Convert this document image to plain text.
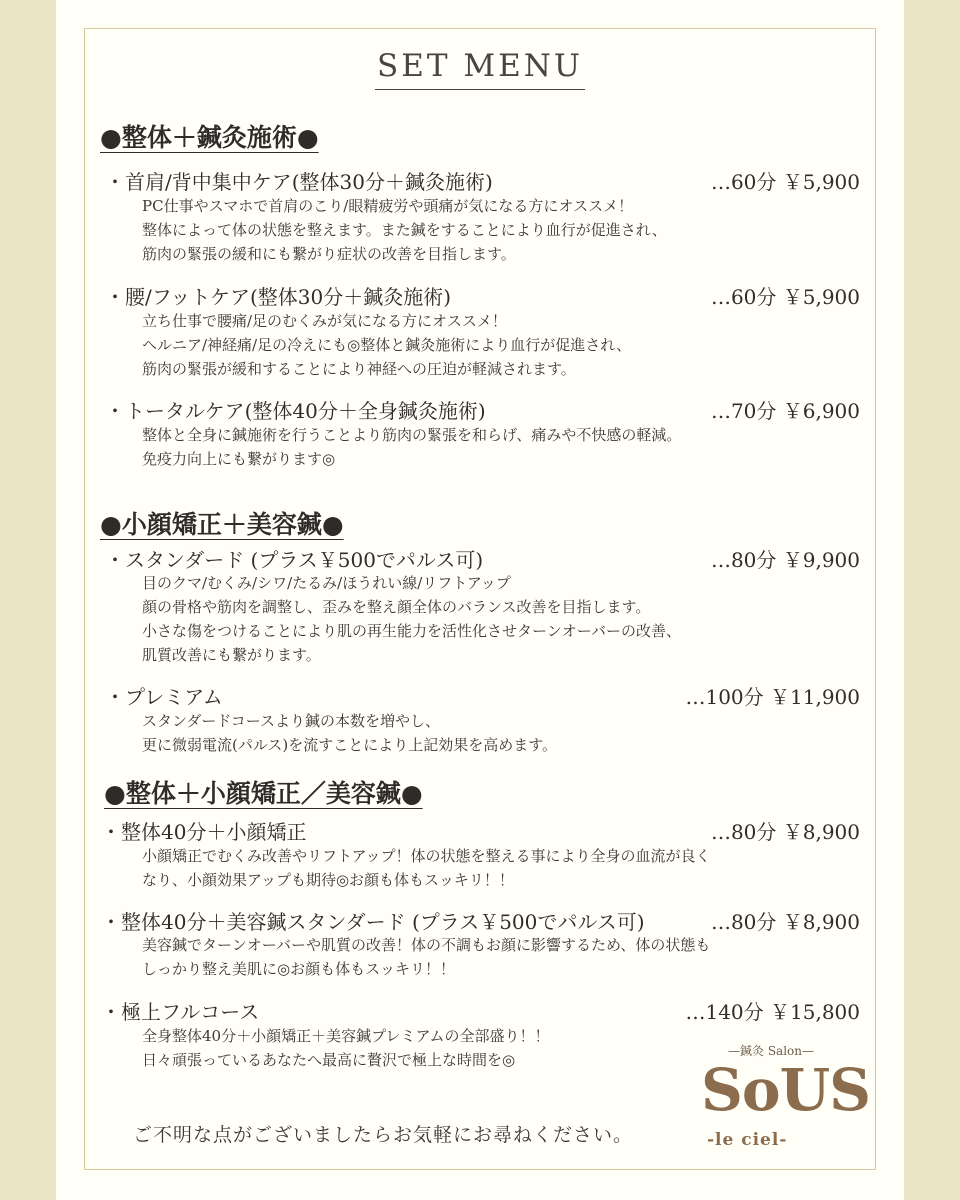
SET MENU
●整体＋鍼灸施術●
・首肩/背中集中ケア(整体30分＋鍼灸施術)	…60分 ￥5,900
PC仕事やスマホで首肩のこり/眼精疲労や頭痛が気になる方にオススメ！
整体によって体の状態を整えます。また鍼をすることにより血行が促進され、
筋肉の緊張の緩和にも繋がり症状の改善を目指します。
・腰/フットケア(整体30分＋鍼灸施術)	…60分 ￥5,900
立ち仕事で腰痛/足のむくみが気になる方にオススメ！
ヘルニア/神経痛/足の冷えにも◎整体と鍼灸施術により血行が促進され、
筋肉の緊張が緩和することにより神経への圧迫が軽減されます。
・トータルケア(整体40分＋全身鍼灸施術)	…70分 ￥6,900
整体と全身に鍼施術を行うことより筋肉の緊張を和らげ、痛みや不快感の軽減。
免疫力向上にも繋がります◎
●小顔矯正＋美容鍼●
・スタンダード (プラス￥500でパルス可)	…80分 ￥9,900
目のクマ/むくみ/シワ/たるみ/ほうれい線/リフトアップ
顔の骨格や筋肉を調整し、歪みを整え顔全体のバランス改善を目指します。
小さな傷をつけることにより肌の再生能力を活性化させターンオーバーの改善、
肌質改善にも繋がります。
・プレミアム	…100分 ￥11,900
スタンダードコースより鍼の本数を増やし、
更に微弱電流(パルス)を流すことにより上記効果を高めます。
●整体＋小顔矯正／美容鍼●
・整体40分＋小顔矯正	…80分 ￥8,900
小顔矯正でむくみ改善やリフトアップ！体の状態を整える事により全身の血流が良く
なり、小顔効果アップも期待◎お顔も体もスッキリ！！
・整体40分＋美容鍼スタンダード (プラス￥500でパルス可)	…80分 ￥8,900
美容鍼でターンオーバーや肌質の改善！体の不調もお顔に影響するため、体の状態も
しっかり整え美肌に◎お顔も体もスッキリ！！
・極上フルコース	…140分 ￥15,800
全身整体40分＋小顔矯正＋美容鍼プレミアムの全部盛り！！
日々頑張っているあなたへ最高に贅沢で極上な時間を◎
ご不明な点がございましたらお気軽にお尋ねください。
—鍼灸 Salon—
SoUS
-le ciel-
